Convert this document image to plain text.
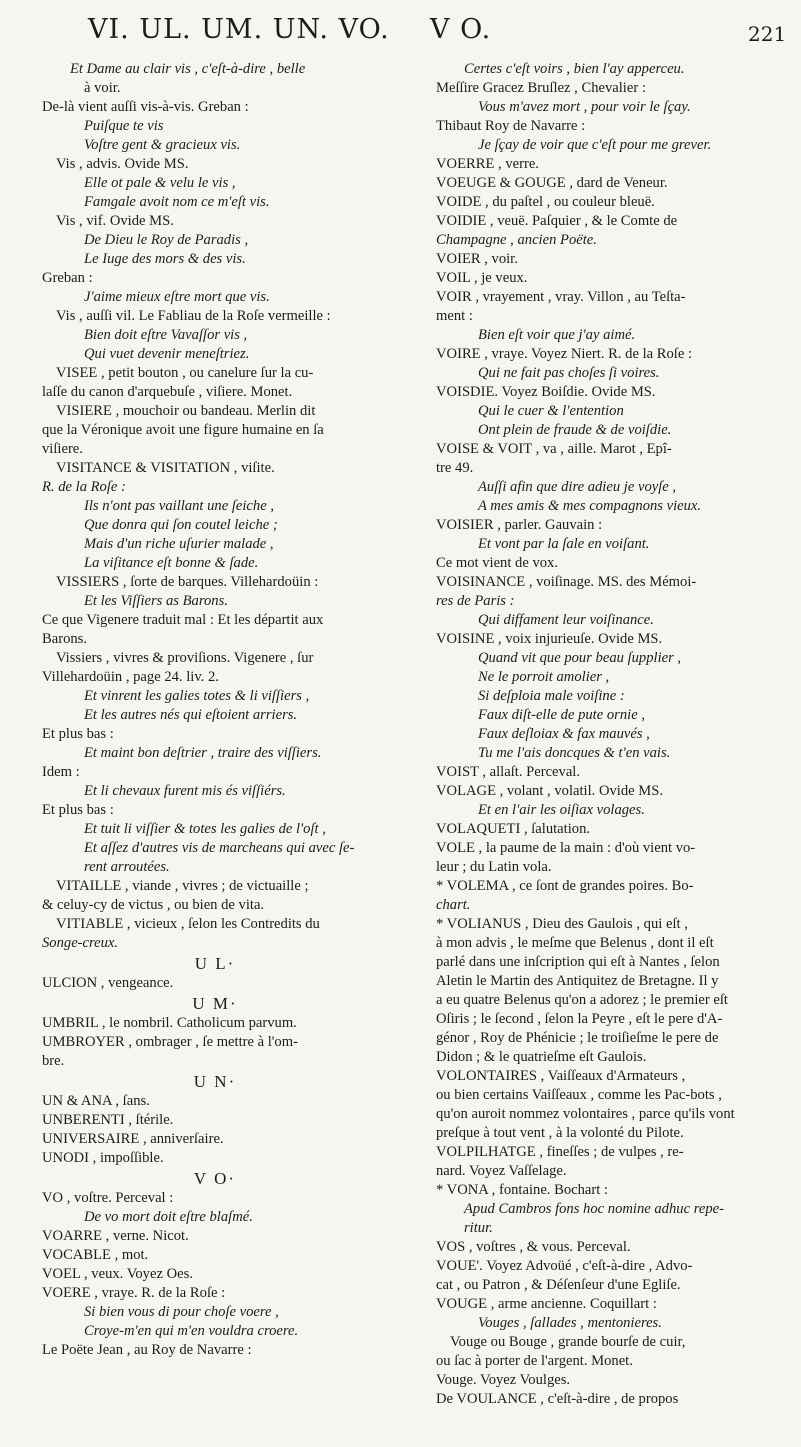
VI. UL. UM. UN. VO. V O.	221
Et Dame au clair vis , c'eſt-à-dire , belle
à voir.
De-là vient auſſi vis-à-vis. Greban :
Puiſque te vis
Voſtre gent & gracieux vis.
Vis , advis. Ovide MS.
Elle ot pale & velu le vis ,
Famgale avoit nom ce m'eſt vis.
Vis , vif. Ovide MS.
De Dieu le Roy de Paradis ,
Le Iuge des mors & des vis.
Greban :
J'aime mieux eſtre mort que vis.
Vis , auſſi vil. Le Fabliau de la Roſe vermeille :
Bien doit eſtre Vavaſſor vis ,
Qui vuet devenir meneſtriez.
VISEE , petit bouton , ou canelure ſur la cu-
laſſe du canon d'arquebuſe , viſiere. Monet.
VISIERE , mouchoir ou bandeau. Merlin dit
que la Véronique avoit une figure humaine en ſa
viſiere.
VISITANCE & VISITATION , viſite.
R. de la Roſe :
Ils n'ont pas vaillant une ſeiche ,
Que donra qui ſon coutel leiche ;
Mais d'un riche uſurier malade ,
La viſitance eſt bonne & ſade.
VISSIERS , ſorte de barques. Villehardoüin :
Et les Viſſiers as Barons.
Ce que Vigenere traduit mal : Et les départit aux
Barons.
Vissiers , vivres & proviſions. Vigenere , ſur
Villehardoüin , page 24. liv. 2.
Et vinrent les galies totes & li viſſiers ,
Et les autres nés qui eſtoient arriers.
Et plus bas :
Et maint bon deſtrier , traire des viſſiers.
Idem :
Et li chevaux furent mis és viſſiérs.
Et plus bas :
Et tuit li viſſier & totes les galies de l'oſt ,
Et aſſez d'autres vis de marcheans qui avec ſe-
rent arroutées.
VITAILLE , viande , vivres ; de victuaille ;
& celuy-cy de victus , ou bien de vita.
VITIABLE , vicieux , ſelon les Contredits du
Songe-creux.
U L·
ULCION , vengeance.
U M·
UMBRIL , le nombril. Catholicum parvum.
UMBROYER , ombrager , ſe mettre à l'om-
bre.
U N·
UN & ANA , ſans.
UNBERENTI , ſtérile.
UNIVERSAIRE , anniverſaire.
UNODI , impoſſible.
V O·
VO , voſtre. Perceval :
De vo mort doit eſtre blaſmé.
VOARRE , verne. Nicot.
VOCABLE , mot.
VOEL , veux. Voyez Oes.
VOERE , vraye. R. de la Roſe :
Si bien vous di pour choſe voere ,
Croye-m'en qui m'en vouldra croere.
Le Poëte Jean , au Roy de Navarre :
Certes c'eſt voirs , bien l'ay apperceu.
Meſſire Gracez Bruſlez , Chevalier :
Vous m'avez mort , pour voir le ſçay.
Thibaut Roy de Navarre :
Je ſçay de voir que c'eſt pour me grever.
VOERRE , verre.
VOEUGE & GOUGE , dard de Veneur.
VOIDE , du paſtel , ou couleur bleuë.
VOIDIE , veuë. Paſquier , & le Comte de
Champagne , ancien Poëte.
VOIER , voir.
VOIL , je veux.
VOIR , vrayement , vray. Villon , au Teſta-
ment :
Bien eſt voir que j'ay aimé.
VOIRE , vraye. Voyez Niert. R. de la Roſe :
Qui ne fait pas choſes ſi voires.
VOISDIE. Voyez Boiſdie. Ovide MS.
Qui le cuer & l'entention
Ont plein de fraude & de voiſdie.
VOISE & VOIT , va , aille. Marot , Epî-
tre 49.
Auſſi afin que dire adieu je voyſe ,
A mes amis & mes compagnons vieux.
VOISIER , parler. Gauvain :
Et vont par la ſale en voiſant.
Ce mot vient de vox.
VOISINANCE , voiſinage. MS. des Mémoi-
res de Paris :
Qui diffament leur voiſinance.
VOISINE , voix injurieuſe. Ovide MS.
Quand vit que pour beau ſupplier ,
Ne le porroit amolier ,
Si deſploia male voiſine :
Faux diſt-elle de pute ornie ,
Faux deſloiax & fax mauvés ,
Tu me l'ais doncques & t'en vais.
VOIST , allaſt. Perceval.
VOLAGE , volant , volatil. Ovide MS.
Et en l'air les oiſiax volages.
VOLAQUETI , ſalutation.
VOLE , la paume de la main : d'où vient vo-
leur ; du Latin vola.
* VOLEMA , ce ſont de grandes poires. Bo-
chart.
* VOLIANUS , Dieu des Gaulois , qui eſt ,
à mon advis , le meſme que Belenus , dont il eſt
parlé dans une inſcription qui eſt à Nantes , ſelon
Aletin le Martin des Antiquitez de Bretagne. Il y
a eu quatre Belenus qu'on a adorez ; le premier eſt
Oſiris ; le ſecond , ſelon la Peyre , eſt le pere d'A-
génor , Roy de Phénicie ; le troiſieſme le pere de
Didon ; & le quatrieſme eſt Gaulois.
VOLONTAIRES , Vaiſſeaux d'Armateurs ,
ou bien certains Vaiſſeaux , comme les Pac-bots ,
qu'on auroit nommez volontaires , parce qu'ils vont
preſque à tout vent , à la volonté du Pilote.
VOLPILHATGE , fineſſes ; de vulpes , re-
nard. Voyez Vaſſelage.
* VONA , fontaine. Bochart :
Apud Cambros fons hoc nomine adhuc repe-
ritur.
VOS , voſtres , & vous. Perceval.
VOUE'. Voyez Advoüé , c'eſt-à-dire , Advo-
cat , ou Patron , & Déſenſeur d'une Egliſe.
VOUGE , arme ancienne. Coquillart :
Vouges , ſallades , mentonieres.
Vouge ou Bouge , grande bourſe de cuir,
ou ſac à porter de l'argent. Monet.
Vouge. Voyez Voulges.
De VOULANCE , c'eſt-à-dire , de propos
